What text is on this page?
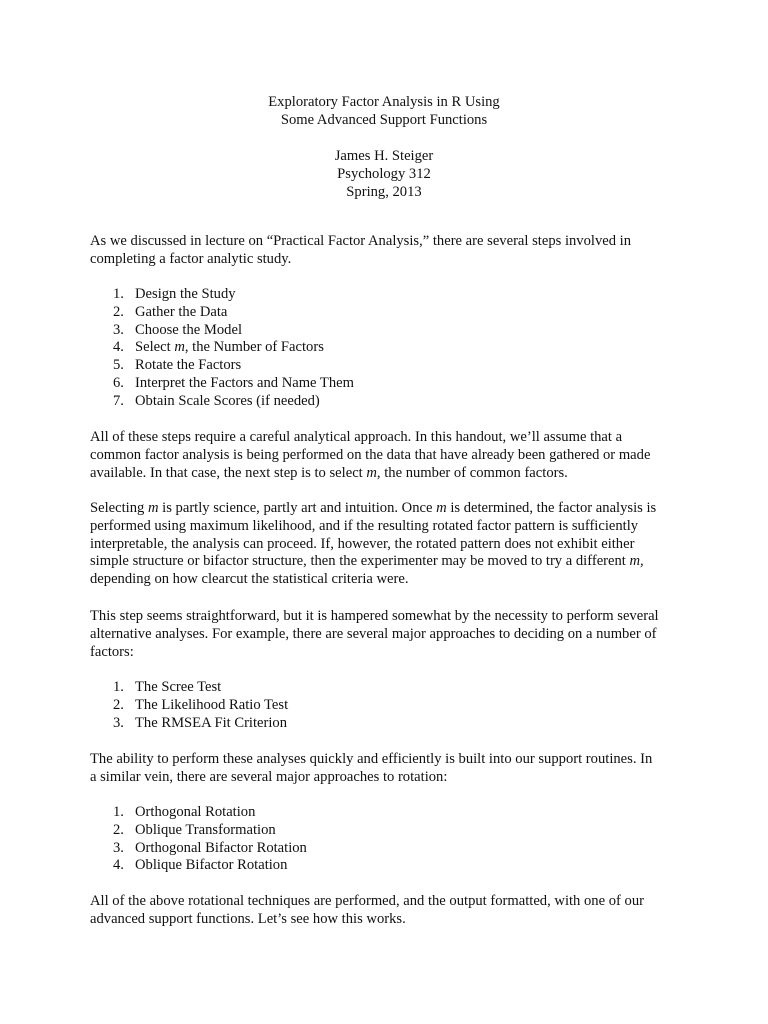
Exploratory Factor Analysis in R Using
Some Advanced Support Functions
James H. Steiger
Psychology 312
Spring, 2013
As we discussed in lecture on “Practical Factor Analysis,” there are several steps involved in
completing a factor analytic study.
1. Design the Study
2. Gather the Data
3. Choose the Model
4. Select m, the Number of Factors
5. Rotate the Factors
6. Interpret the Factors and Name Them
7. Obtain Scale Scores (if needed)
All of these steps require a careful analytical approach. In this handout, we’ll assume that a
common factor analysis is being performed on the data that have already been gathered or made
available. In that case, the next step is to select m, the number of common factors.
Selecting m is partly science, partly art and intuition. Once m is determined, the factor analysis is
performed using maximum likelihood, and if the resulting rotated factor pattern is sufficiently
interpretable, the analysis can proceed. If, however, the rotated pattern does not exhibit either
simple structure or bifactor structure, then the experimenter may be moved to try a different m,
depending on how clearcut the statistical criteria were.
This step seems straightforward, but it is hampered somewhat by the necessity to perform several
alternative analyses. For example, there are several major approaches to deciding on a number of
factors:
1. The Scree Test
2. The Likelihood Ratio Test
3. The RMSEA Fit Criterion
The ability to perform these analyses quickly and efficiently is built into our support routines. In
a similar vein, there are several major approaches to rotation:
1. Orthogonal Rotation
2. Oblique Transformation
3. Orthogonal Bifactor Rotation
4. Oblique Bifactor Rotation
All of the above rotational techniques are performed, and the output formatted, with one of our
advanced support functions. Let’s see how this works.
